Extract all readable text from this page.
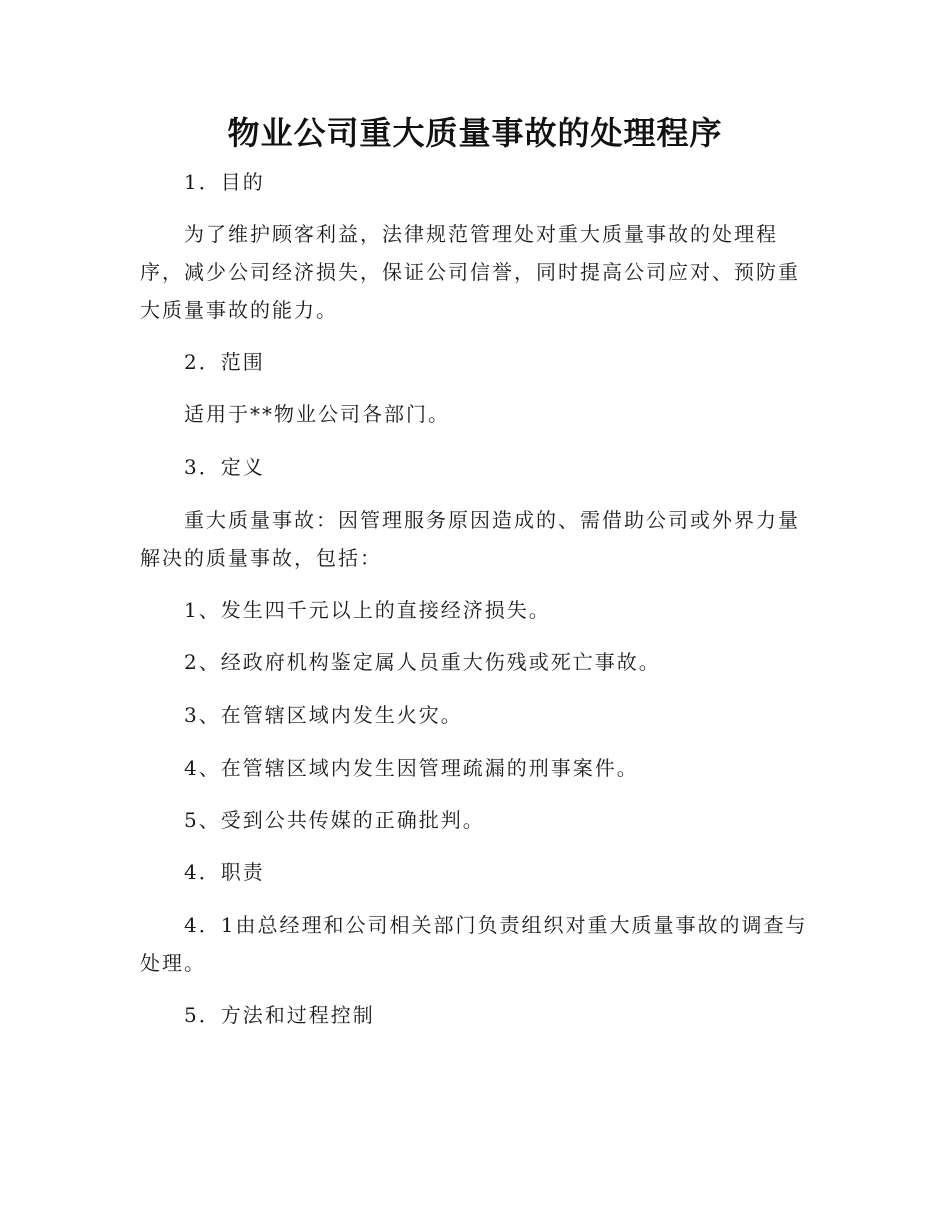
物业公司重大质量事故的处理程序
1．目的
为了维护顾客利益，法律规范管理处对重大质量事故的处理程
序，减少公司经济损失，保证公司信誉，同时提高公司应对、预防重
大质量事故的能力。
2．范围
适用于**物业公司各部门。
3．定义
重大质量事故：因管理服务原因造成的、需借助公司或外界力量
解决的质量事故，包括：
1、发生四千元以上的直接经济损失。
2、经政府机构鉴定属人员重大伤残或死亡事故。
3、在管辖区域内发生火灾。
4、在管辖区域内发生因管理疏漏的刑事案件。
5、受到公共传媒的正确批判。
4．职责
4．1由总经理和公司相关部门负责组织对重大质量事故的调查与
处理。
5．方法和过程控制
